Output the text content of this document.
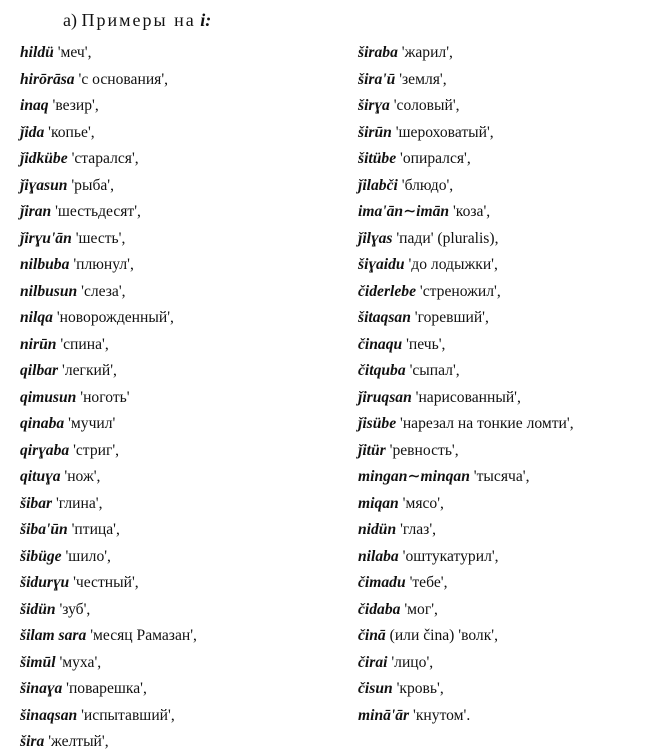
а) Примеры на i:
hildü 'меч',
hirōrāsa 'с основания',
inaq 'везир',
ǰida 'копье',
ǰidkübe 'старался',
ǰiɣasun 'рыба',
ǰiran 'шестьдесят',
ǰirɣu'ān 'шесть',
nilbuba 'плюнул',
nilbusun 'слеза',
nilqa 'новорожденный',
nirūn 'спина',
qilbar 'легкий',
qimusun 'ноготь'
qinaba 'мучил'
qirɣaba 'стриг',
qituɣa 'нож',
šibar 'глина',
šiba'ūn 'птица',
šibüge 'шило',
šidurɣu 'честный',
šidün 'зуб',
šilam sara 'месяц Рамазан',
šimūl 'муха',
šinaɣa 'поварешка',
šinaqsan 'испытавший',
šira 'желтый',
širaba 'жарил',
šira'ū 'земля',
širɣa 'соловый',
širūn 'шероховатый',
šitübe 'опирался',
ǰilabči 'блюдо',
ima'ān∼imān 'коза',
ǰilɣas 'пади' (pluralis),
šiɣaidu 'до лодыжки',
čiderlebe 'стреножил',
šitaqsan 'горевший',
činaqu 'печь',
čitquba 'сыпал',
ǰiruqsan 'нарисованный',
ǰisübe 'нарезал на тонкие ломти',
ǰitür 'ревность',
mingan∼minqan 'тысяча',
miqan 'мясо',
nidün 'глаз',
nilaba 'оштукатурил',
čimadu 'тебе',
čidaba 'мог',
činā (или čina) 'волк',
čirai 'лицо',
čisun 'кровь',
minā'ār 'кнутом'.
